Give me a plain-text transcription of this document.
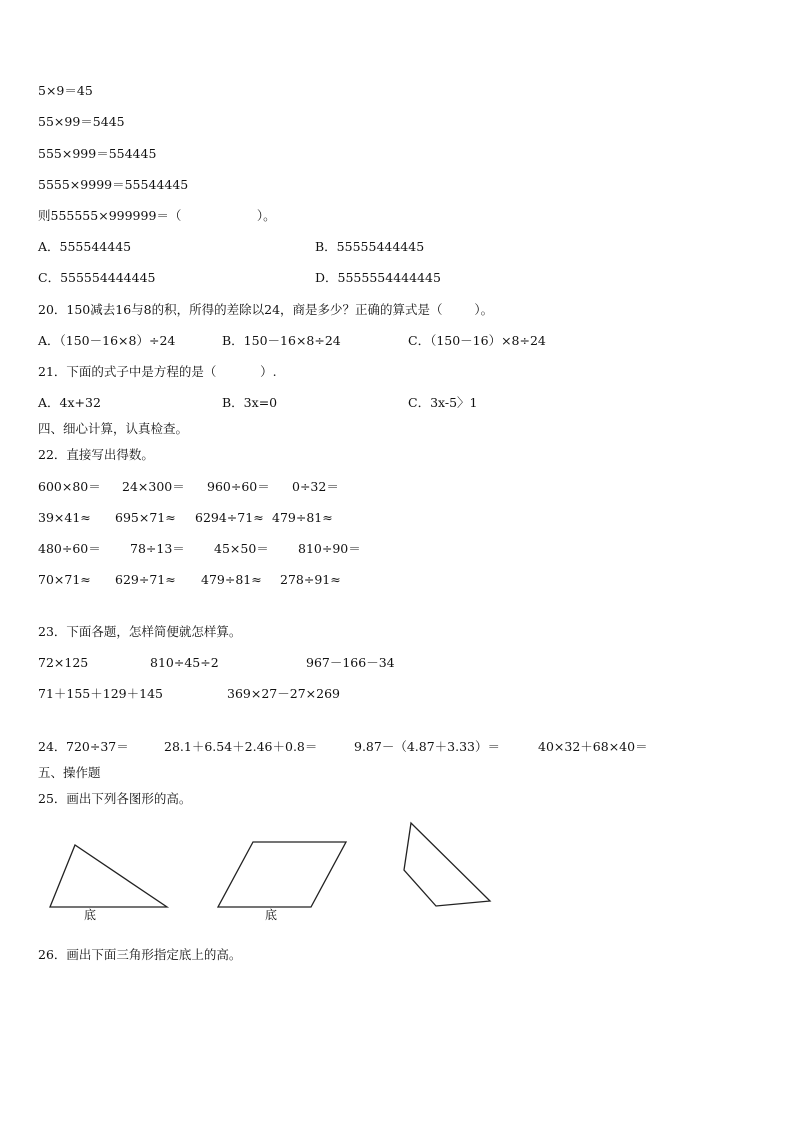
5×9＝45
55×99＝5445
555×999＝554445
5555×9999＝55544445
则555555×999999＝（                   ）。
A．555544445	B．55555444445
C．555554444445	D．5555554444445
20．150减去16与8的积，所得的差除以24，商是多少？正确的算式是（        ）。
A．（150－16×8）÷24	B．150－16×8÷24	C．（150－16）×8÷24
21．下面的式子中是方程的是（           ）.
A．4x+32	B．3x=0	C．3x-5〉1
四、细心计算，认真检查。
22．直接写出得数。
600×80＝ 24×300＝ 960÷60＝ 0÷32＝
39×41≈ 695×71≈ 6294÷71≈ 479÷81≈
480÷60＝ 78÷13＝ 45×50＝ 810÷90＝
70×71≈ 629÷71≈ 479÷81≈ 278÷91≈
23．下面各题，怎样简便就怎样算。
72×125	810÷45÷2	967－166－34
71＋155＋129＋145	369×27－27×269
24． 720÷37＝	28.1＋6.54＋2.46＋0.8＝	9.87－（4.87＋3.33）＝	40×32＋68×40＝
五、操作题
25．画出下列各图形的高。
底	底
26．画出下面三角形指定底上的高。
